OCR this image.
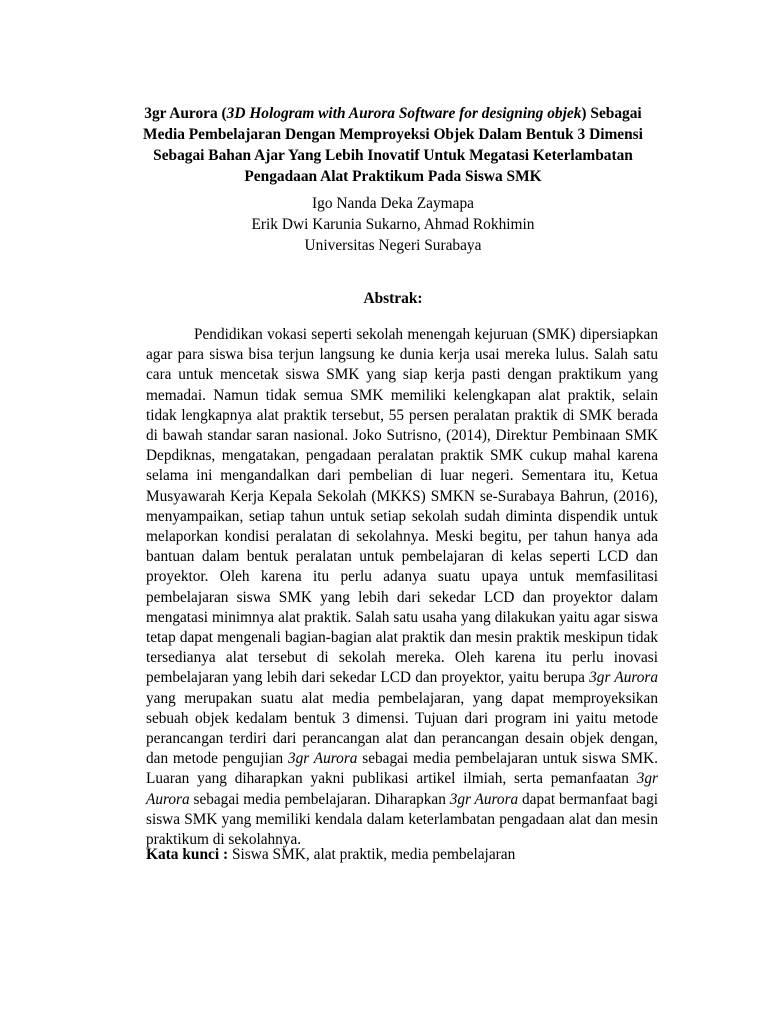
3gr Aurora (3D Hologram with Aurora Software for designing objek) Sebagai Media Pembelajaran Dengan Memproyeksi Objek Dalam Bentuk 3 Dimensi Sebagai Bahan Ajar Yang Lebih Inovatif Untuk Megatasi Keterlambatan Pengadaan Alat Praktikum Pada Siswa SMK
Igo Nanda Deka Zaymapa
Erik Dwi Karunia Sukarno, Ahmad Rokhimin
Universitas Negeri Surabaya
Abstrak:

Pendidikan vokasi seperti sekolah menengah kejuruan (SMK) dipersiapkan agar para siswa bisa terjun langsung ke dunia kerja usai mereka lulus. Salah satu cara untuk mencetak siswa SMK yang siap kerja pasti dengan praktikum yang memadai. Namun tidak semua SMK memiliki kelengkapan alat praktik, selain tidak lengkapnya alat praktik tersebut, 55 persen peralatan praktik di SMK berada di bawah standar saran nasional. Joko Sutrisno, (2014), Direktur Pembinaan SMK Depdiknas, mengatakan, pengadaan peralatan praktik SMK cukup mahal karena selama ini mengandalkan dari pembelian di luar negeri. Sementara itu, Ketua Musyawarah Kerja Kepala Sekolah (MKKS) SMKN se-Surabaya Bahrun, (2016), menyampaikan, setiap tahun untuk setiap sekolah sudah diminta dispendik untuk melaporkan kondisi peralatan di sekolahnya. Meski begitu, per tahun hanya ada bantuan dalam bentuk peralatan untuk pembelajaran di kelas seperti LCD dan proyektor. Oleh karena itu perlu adanya suatu upaya untuk memfasilitasi pembelajaran siswa SMK yang lebih dari sekedar LCD dan proyektor dalam mengatasi minimnya alat praktik. Salah satu usaha yang dilakukan yaitu agar siswa tetap dapat mengenali bagian-bagian alat praktik dan mesin praktik meskipun tidak tersedianya alat tersebut di sekolah mereka. Oleh karena itu perlu inovasi pembelajaran yang lebih dari sekedar LCD dan proyektor, yaitu berupa 3gr Aurora yang merupakan suatu alat media pembelajaran, yang dapat memproyeksikan sebuah objek kedalam bentuk 3 dimensi. Tujuan dari program ini yaitu metode perancangan terdiri dari perancangan alat dan perancangan desain objek dengan, dan metode pengujian 3gr Aurora sebagai media pembelajaran untuk siswa SMK. Luaran yang diharapkan yakni publikasi artikel ilmiah, serta pemanfaatan 3gr Aurora sebagai media pembelajaran. Diharapkan 3gr Aurora dapat bermanfaat bagi siswa SMK yang memiliki kendala dalam keterlambatan pengadaan alat dan mesin praktikum di sekolahnya.

Kata kunci : Siswa SMK, alat praktik, media pembelajaran
